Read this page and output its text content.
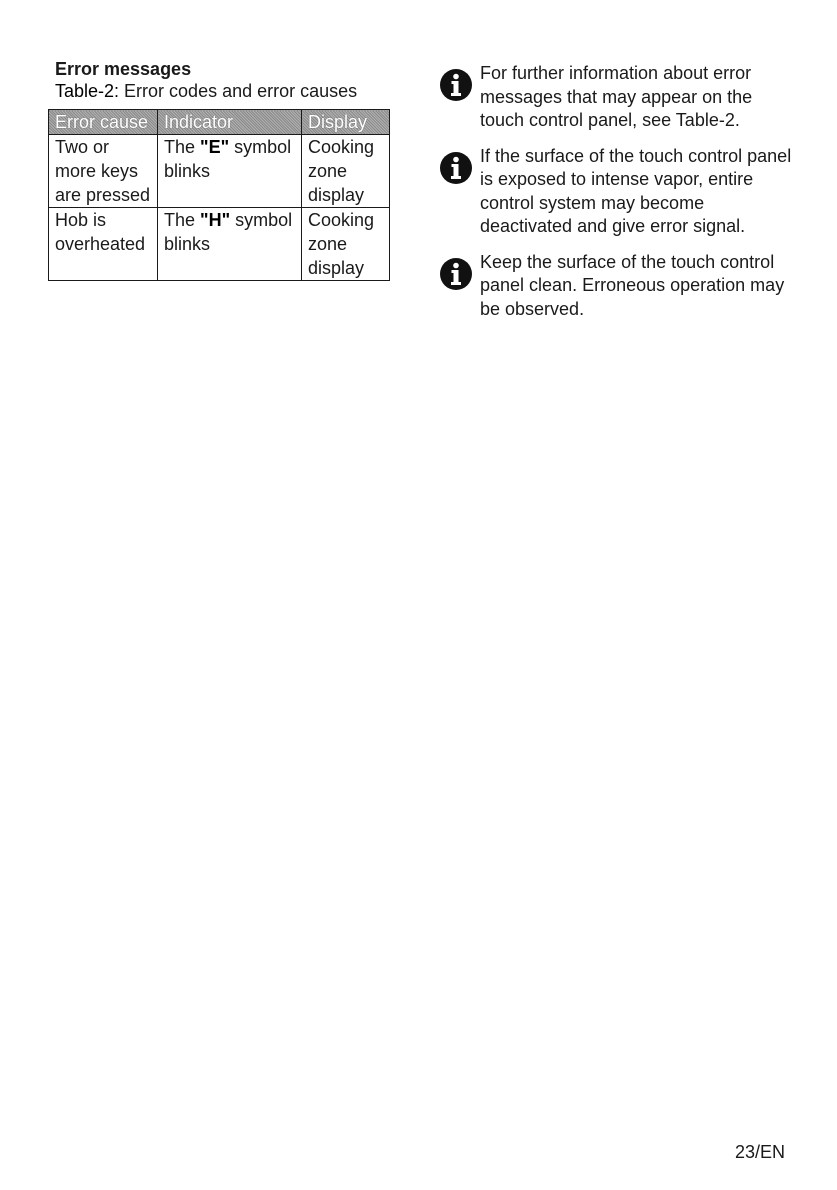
Error messages
Table-2: Error codes and error causes
Error cause	Indicator	Display
Two or more keys are pressed	The "E" symbol blinks	Cooking zone display
Hob is overheated	The "H" symbol blinks	Cooking zone display
For further information about error messages that may appear on the touch control panel, see Table-2.
If the surface of the touch control panel is exposed to intense vapor, entire control system may become deactivated and give error signal.
Keep the surface of the touch control panel clean. Erroneous operation may be observed.
23/EN
